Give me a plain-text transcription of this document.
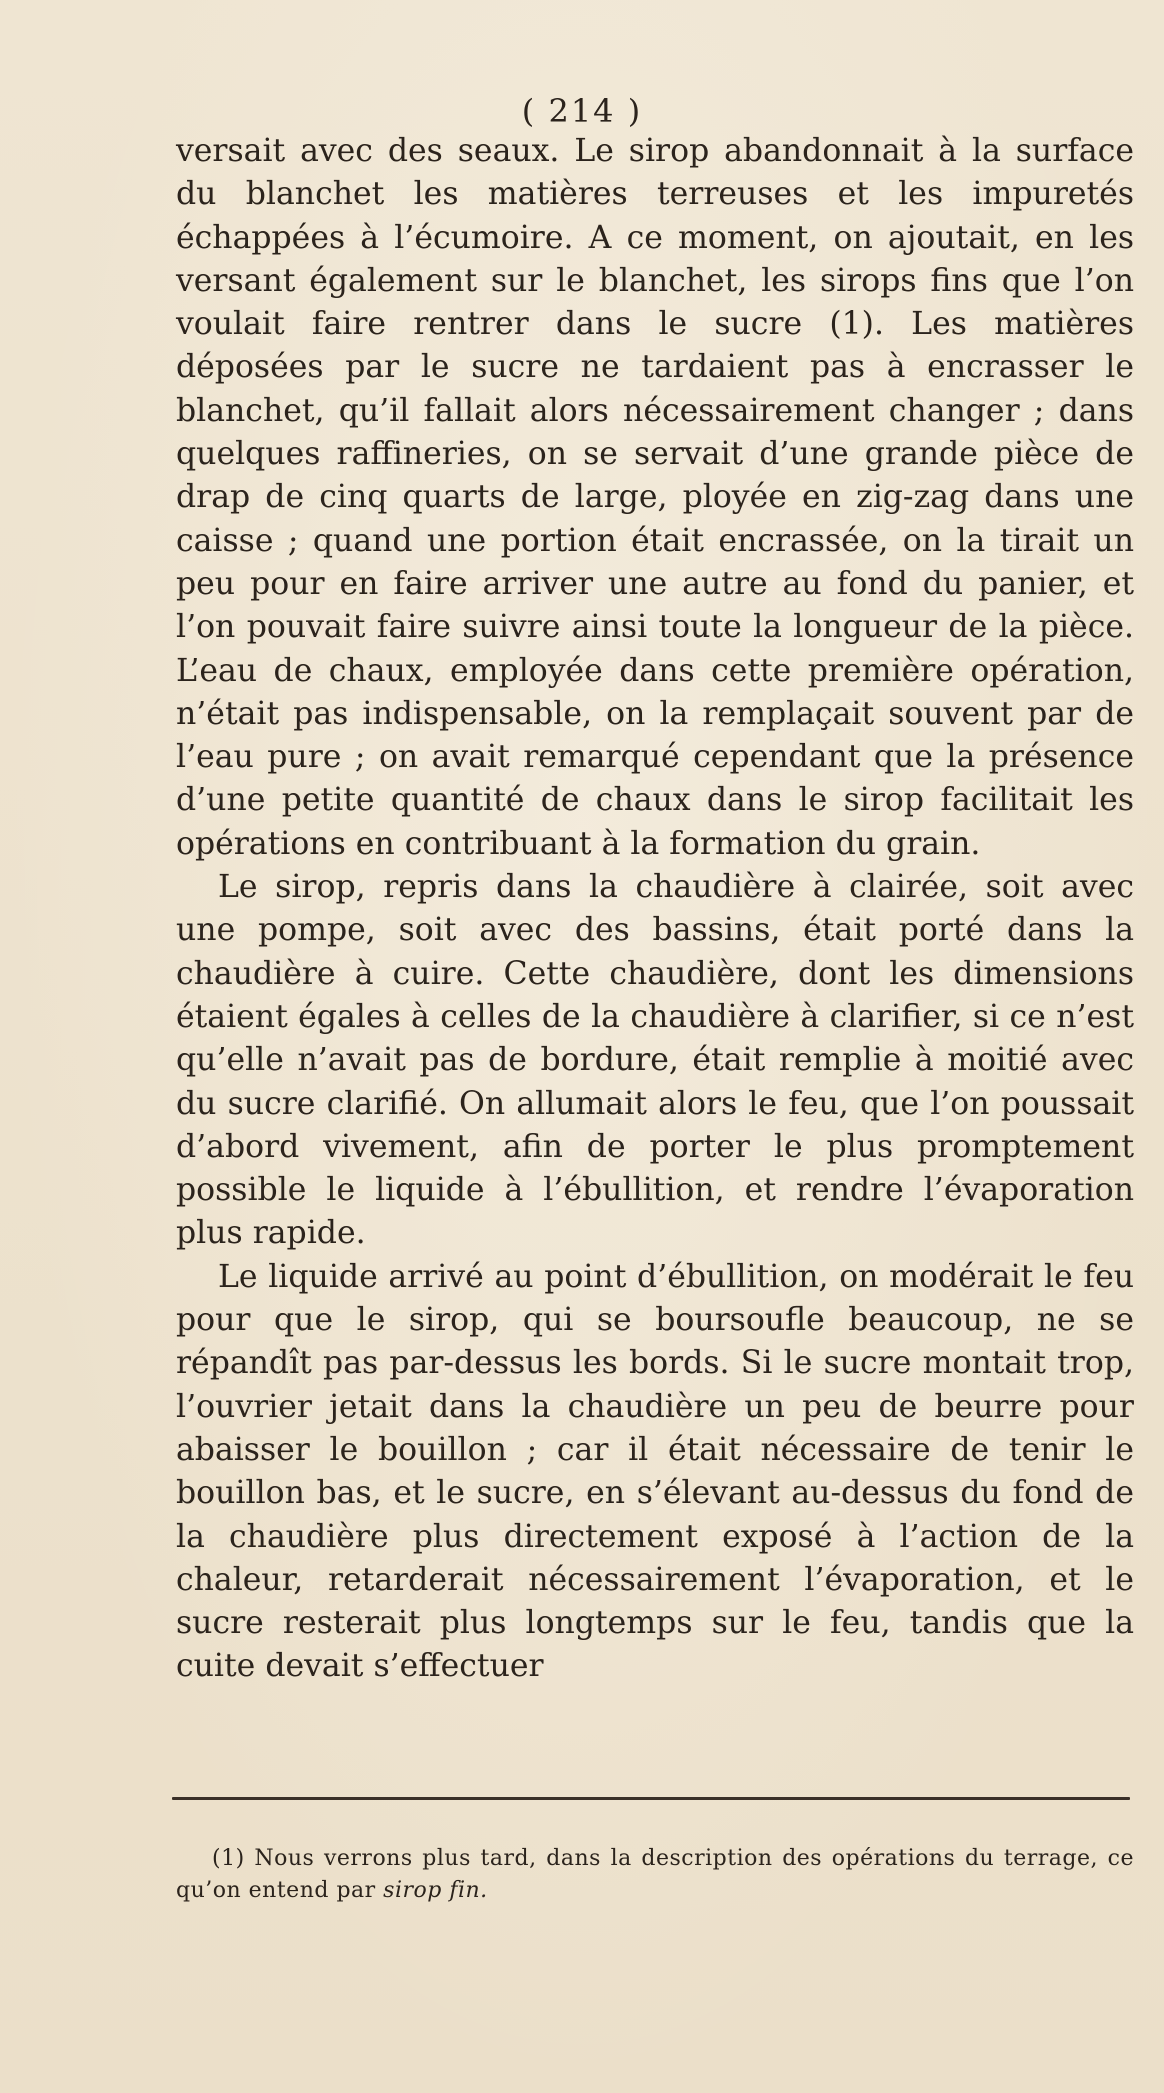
( 214 )

versait avec des seaux. Le sirop abandonnait à la surface du blanchet les matières terreuses et les impuretés échappées à l’écumoire. A ce moment, on ajoutait, en les versant également sur le blanchet, les sirops fins que l’on voulait faire rentrer dans le sucre (1). Les matières déposées par le sucre ne tardaient pas à encrasser le blanchet, qu’il fallait alors nécessairement changer ; dans quelques raffineries, on se servait d’une grande pièce de drap de cinq quarts de large, ployée en zig-zag dans une caisse ; quand une portion était encrassée, on la tirait un peu pour en faire arriver une autre au fond du panier, et l’on pouvait faire suivre ainsi toute la longueur de la pièce. L’eau de chaux, employée dans cette première opération, n’était pas indispensable, on la remplaçait souvent par de l’eau pure ; on avait remarqué cependant que la présence d’une petite quantité de chaux dans le sirop facilitait les opérations en contribuant à la formation du grain.

Le sirop, repris dans la chaudière à clairée, soit avec une pompe, soit avec des bassins, était porté dans la chaudière à cuire. Cette chaudière, dont les dimensions étaient égales à celles de la chaudière à clarifier, si ce n’est qu’elle n’avait pas de bordure, était remplie à moitié avec du sucre clarifié. On allumait alors le feu, que l’on poussait d’abord vivement, afin de porter le plus promptement possible le liquide à l’ébullition, et rendre l’évaporation plus rapide.

Le liquide arrivé au point d’ébullition, on modérait le feu pour que le sirop, qui se boursoufle beaucoup, ne se répandît pas par-dessus les bords. Si le sucre montait trop, l’ouvrier jetait dans la chaudière un peu de beurre pour abaisser le bouillon ; car il était nécessaire de tenir le bouillon bas, et le sucre, en s’élevant au-dessus du fond de la chaudière plus directement exposé à l’action de la chaleur, retarderait nécessairement l’évaporation, et le sucre resterait plus longtemps sur le feu, tandis que la cuite devait s’effectuer

(1) Nous verrons plus tard, dans la description des opérations du terrage, ce qu’on entend par sirop fin.
